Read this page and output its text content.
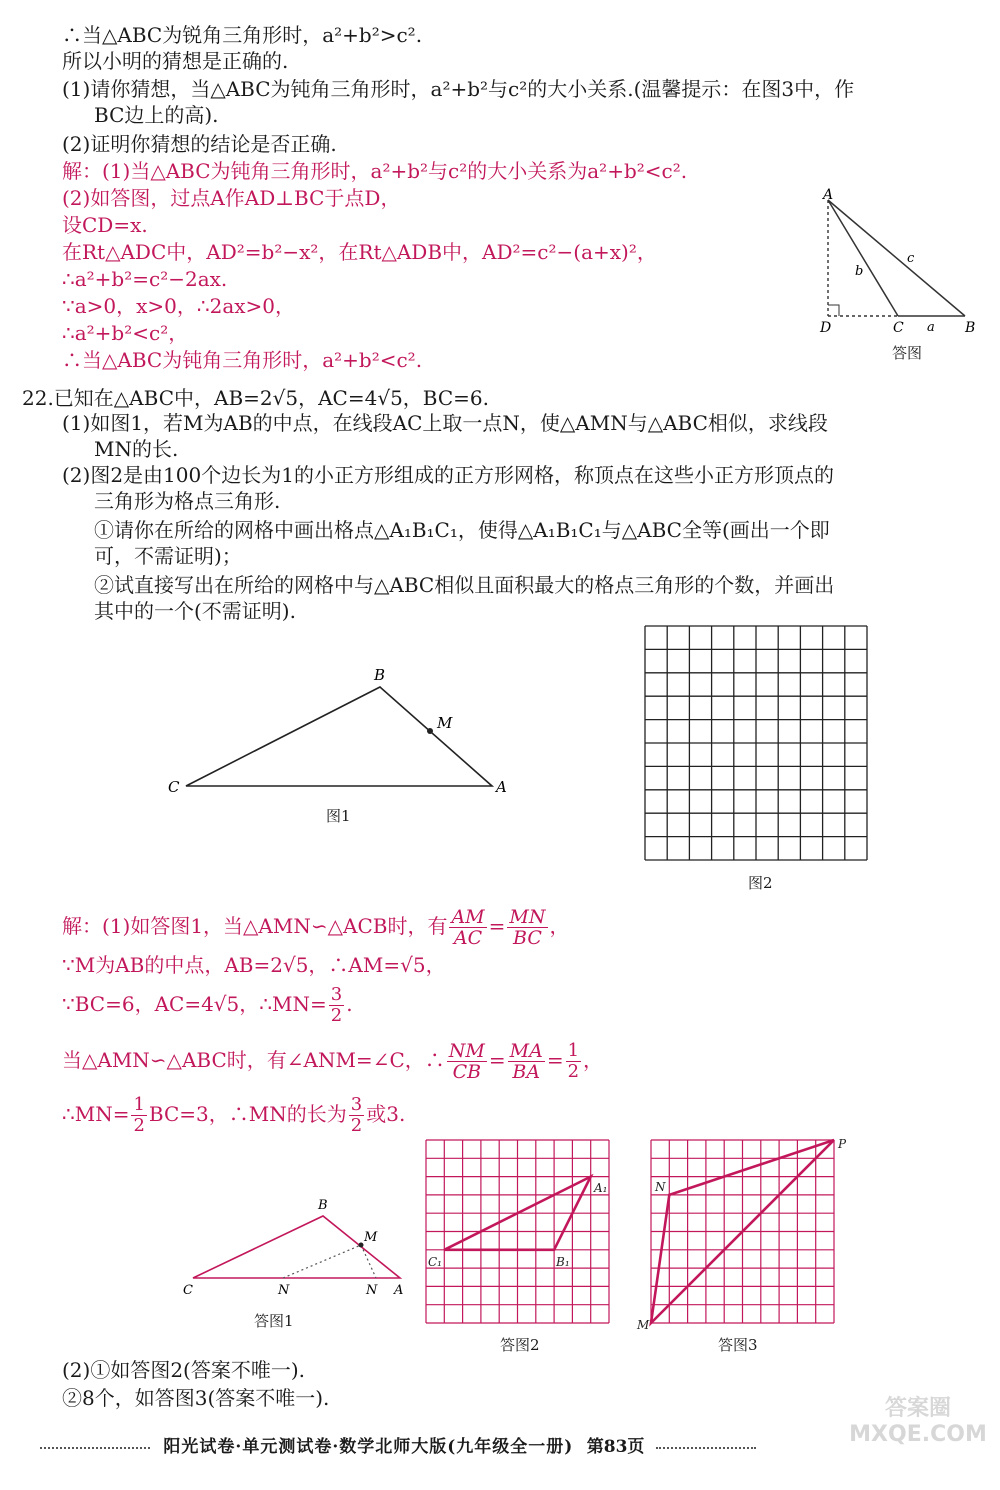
∴当△ABC为锐角三角形时，a²+b²>c².
所以小明的猜想是正确的.
(1)请你猜想，当△ABC为钝角三角形时，a²+b²与c²的大小关系.(温馨提示：在图3中，作
BC边上的高).
(2)证明你猜想的结论是否正确.
解：(1)当△ABC为钝角三角形时，a²+b²与c²的大小关系为a²+b²<c².
(2)如答图，过点A作AD⊥BC于点D，
设CD=x.
在Rt△ADC中，AD²=b²−x²，在Rt△ADB中，AD²=c²−(a+x)²，
∴a²+b²=c²−2ax.
∵a>0，x>0，∴2ax>0，
∴a²+b²<c²，
∴当△ABC为钝角三角形时，a²+b²<c².
A
D	C	B
a
b
c
答图
22.已知在△ABC中，AB=2√5，AC=4√5，BC=6.
(1)如图1，若M为AB的中点，在线段AC上取一点N，使△AMN与△ABC相似，求线段
MN的长.
(2)图2是由100个边长为1的小正方形组成的正方形网格，称顶点在这些小正方形顶点的
三角形为格点三角形.
①请你在所给的网格中画出格点△A₁B₁C₁，使得△A₁B₁C₁与△ABC全等(画出一个即
可，不需证明)；
②试直接写出在所给的网格中与△ABC相似且面积最大的格点三角形的个数，并画出
其中的一个(不需证明).
B
M
C	A
图1
图2
解：(1)如答图1，当△AMN∽△ACB时，有 $\frac{AM}{AC} = \frac{MN}{BC}$ ，
∵M为AB的中点，AB=2√5，∴AM=√5，
∵BC=6，AC=4√5，∴MN= $\frac{3}{2}$ .
当△AMN∽△ABC时，有∠ANM=∠C，∴ $\frac{NM}{CB} = \frac{MA}{BA} = \frac{1}{2}$ ，
∴MN= $\frac{1}{2} BC=3$，∴MN的长为 $\frac{3}{2}$ 或3.
B
M
C	N	N A
答图1
A₁
B₁
C₁
答图2
P
N
M
答图3
(2)①如答图2(答案不唯一).
②8个，如答图3(答案不唯一).
阳光试卷·单元测试卷·数学北师大版(九年级全一册) 第83页
答案圈 MXQE.COM
